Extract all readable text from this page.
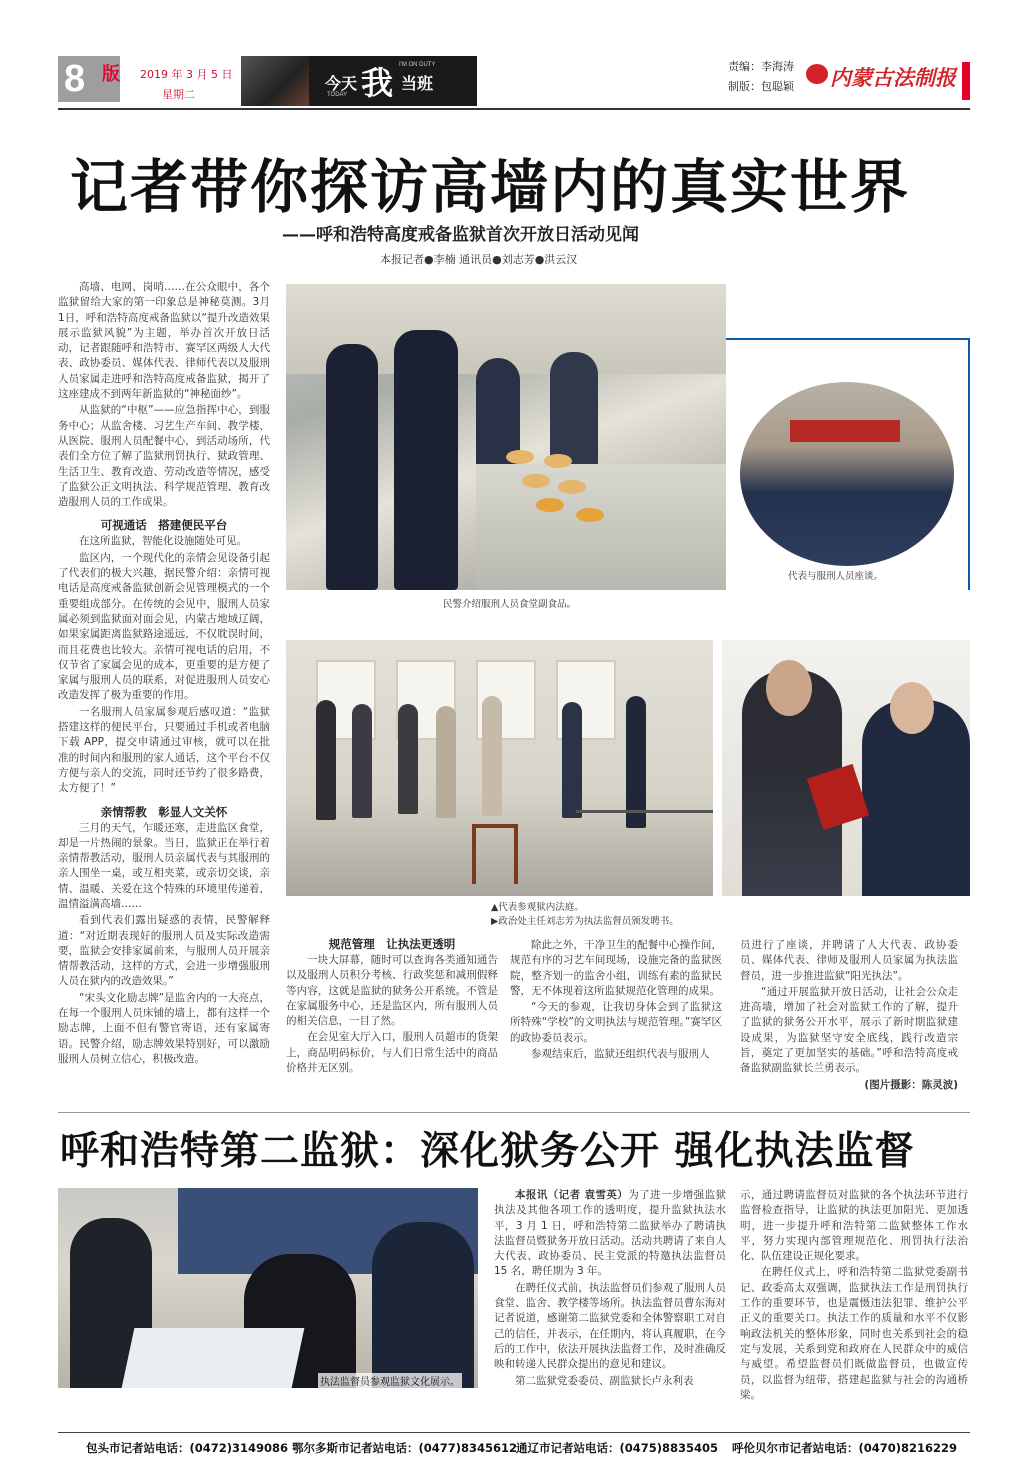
8 版 2019 年 3 月 5 日
星期二
今天 我 当班
TODAY
I'M ON DUTY	责编：李海涛
制版：包聪颖 内蒙古法制报
记者带你探访高墙内的真实世界
——呼和浩特高度戒备监狱首次开放日活动见闻
本报记者●李楠 通讯员●刘志芳●洪云汉

高墙、电网、岗哨……在公众眼中，各个监狱留给大家的第一印象总是神秘莫测。3月1日，呼和浩特高度戒备监狱以“提升改造效果 展示监狱风貌”为主题，举办首次开放日活动，记者跟随呼和浩特市、赛罕区两级人大代表、政协委员、媒体代表、律师代表以及服刑人员家属走进呼和浩特高度戒备监狱，揭开了这座建成不到两年新监狱的“神秘面纱”。

从监狱的“中枢”——应急指挥中心，到服务中心；从监舍楼、习艺生产车间、教学楼，从医院、服刑人员配餐中心，到活动场所，代表们全方位了解了监狱刑罚执行、狱政管理、生活卫生、教育改造、劳动改造等情况，感受了监狱公正文明执法、科学规范管理、教育改造服刑人员的工作成果。

可视通话　搭建便民平台

在这所监狱，智能化设施随处可见。

监区内，一个现代化的亲情会见设备引起了代表们的极大兴趣，据民警介绍：亲情可视电话是高度戒备监狱创新会见管理模式的一个重要组成部分。在传统的会见中，服刑人员家属必须到监狱面对面会见，内蒙古地域辽阔，如果家属距离监狱路途遥远，不仅耽误时间，而且花费也比较大。亲情可视电话的启用，不仅节省了家属会见的成本，更重要的是方便了家属与服刑人员的联系，对促进服刑人员安心改造发挥了极为重要的作用。

一名服刑人员家属参观后感叹道：“监狱搭建这样的便民平台，只要通过手机或者电脑下载 APP，提交申请通过审核，就可以在批准的时间内和服刑的家人通话，这个平台不仅方便与亲人的交流，同时还节约了很多路费，太方便了！”

亲情帮教　彰显人文关怀

三月的天气，乍暖还寒，走进监区食堂，却是一片热闹的景象。当日，监狱正在举行着亲情帮教活动，服刑人员亲属代表与其服刑的亲人围坐一桌，或互相夹菜，或亲切交谈，亲情、温暖、关爱在这个特殊的环境里传递着，温情溢满高墙……

看到代表们露出疑惑的表情，民警解释道：“对近期表现好的服刑人员及实际改造需要，监狱会安排家属前来，与服刑人员开展亲情帮教活动，这样的方式，会进一步增强服刑人员在狱内的改造效果。”

“宋头文化励志牌”是监舍内的一大亮点，在每一个服刑人员床铺的墙上，都有这样一个励志牌，上面不但有警官寄语，还有家属寄语。民警介绍，励志牌效果特别好，可以激励服刑人员树立信心，积极改造。

民警介绍服刑人员食堂副食品。
代表与服刑人员座谈。
▲代表参观狱内法庭。
▶政治处主任刘志芳为执法监督员颁发聘书。

规范管理　让执法更透明

一块大屏幕，随时可以查询各类通知通告以及服刑人员积分考核、行政奖惩和减刑假释等内容，这就是监狱的狱务公开系统。不管是在家属服务中心，还是监区内，所有服刑人员的相关信息，一目了然。

在会见室大厅入口，服刑人员超市的货架上，商品明码标价，与人们日常生活中的商品价格并无区别。

除此之外，干净卫生的配餐中心操作间，规范有序的习艺车间现场，设施完备的监狱医院，整齐划一的监舍小组，训练有素的监狱民警，无不体现着这所监狱规范化管理的成果。

“今天的参观，让我切身体会到了监狱这所特殊“学校”的文明执法与规范管理。”赛罕区的政协委员表示。

参观结束后，监狱还组织代表与服刑人

员进行了座谈，并聘请了人大代表、政协委员、媒体代表、律师及服刑人员家属为执法监督员，进一步推进监狱“阳光执法”。

“通过开展监狱开放日活动，让社会公众走进高墙，增加了社会对监狱工作的了解，提升了监狱的狱务公开水平，展示了新时期监狱建设成果，为监狱坚守安全底线，践行改造宗旨，奠定了更加坚实的基础。”呼和浩特高度戒备监狱副监狱长兰勇表示。

(图片摄影：陈灵波)

呼和浩特第二监狱：深化狱务公开 强化执法监督
执法监督员参观监狱文化展示。

本报讯（记者 袁雪英）为了进一步增强监狱执法及其他各项工作的透明度，提升监狱执法水平，3 月 1 日，呼和浩特第二监狱举办了聘请执法监督员暨狱务开放日活动。活动共聘请了来自人大代表、政协委员、民主党派的特邀执法监督员 15 名，聘任期为 3 年。

在聘任仪式前，执法监督员们参观了服刑人员食堂、监舍、教学楼等场所。执法监督员曹东海对记者说道，感谢第二监狱党委和全体警察职工对自己的信任，并表示，在任期内，将认真履职，在今后的工作中，依法开展执法监督工作，及时准确反映和转递人民群众提出的意见和建议。

第二监狱党委委员、副监狱长卢永利表

示，通过聘请监督员对监狱的各个执法环节进行监督检查指导，让监狱的执法更加阳光、更加透明，进一步提升呼和浩特第二监狱整体工作水平，努力实现内部管理规范化、刑罚执行法治化、队伍建设正规化要求。

在聘任仪式上，呼和浩特第二监狱党委副书记、政委高太双强调，监狱执法工作是刑罚执行工作的重要环节，也是震慑违法犯罪、维护公平正义的重要关口。执法工作的质量和水平不仅影响政法机关的整体形象，同时也关系到社会的稳定与发展，关系到党和政府在人民群众中的威信与威望。希望监督员们既做监督员，也做宣传员，以监督为纽带，搭建起监狱与社会的沟通桥梁。

包头市记者站电话：(0472)3149086 鄂尔多斯市记者站电话：(0477)8345612
通辽市记者站电话：(0475)8835405 呼伦贝尔市记者站电话：(0470)8216229
